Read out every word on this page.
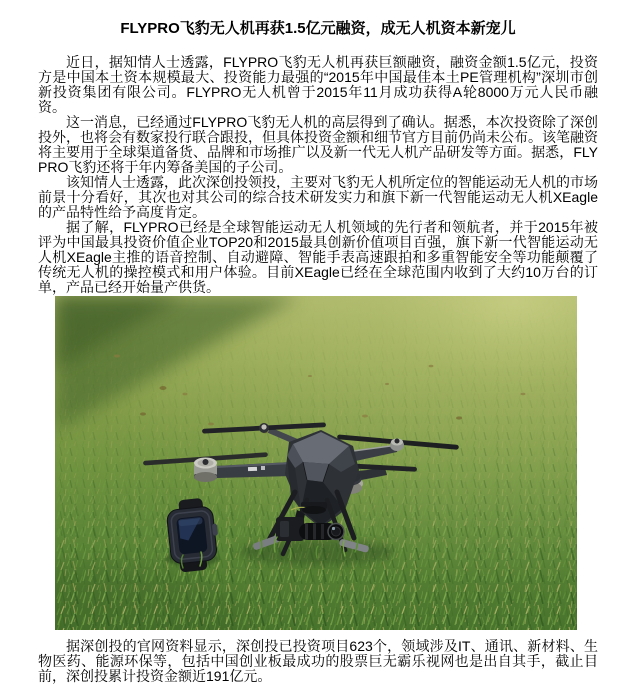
FLYPRO飞豹无人机再获1.5亿元融资，成无人机资本新宠儿

近日，据知情人士透露，FLYPRO飞豹无人机再获巨额融资，融资金额1.5亿元，投资方是中国本土资本规模最大、投资能力最强的“2015年中国最佳本土PE管理机构”深圳市创新投资集团有限公司。FLYPRO无人机曾于2015年11月成功获得A轮8000万元人民币融资。

这一消息，已经通过FLYPRO飞豹无人机的高层得到了确认。据悉，本次投资除了深创投外，也将会有数家投行联合跟投，但具体投资金额和细节官方目前仍尚未公布。该笔融资将主要用于全球渠道备货、品牌和市场推广以及新一代无人机产品研发等方面。据悉，FLYPRO飞豹还将于年内筹备美国的子公司。

该知情人士透露，此次深创投领投，主要对飞豹无人机所定位的智能运动无人机的市场前景十分看好，其次也对其公司的综合技术研发实力和旗下新一代智能运动无人机XEagle的产品特性给予高度肯定。

据了解，FLYPRO已经是全球智能运动无人机领域的先行者和领航者，并于2015年被评为中国最具投资价值企业TOP20和2015最具创新价值项目百强，旗下新一代智能运动无人机XEagle主推的语音控制、自动避障、智能手表高速跟拍和多重智能安全等功能颠覆了传统无人机的操控模式和用户体验。目前XEagle已经在全球范围内收到了大约10万台的订单，产品已经开始量产供货。

据深创投的官网资料显示，深创投已投资项目623个，领域涉及IT、通讯、新材料、生物医药、能源环保等，包括中国创业板最成功的股票巨无霸乐视网也是出自其手，截止目前，深创投累计投资金额近191亿元。
